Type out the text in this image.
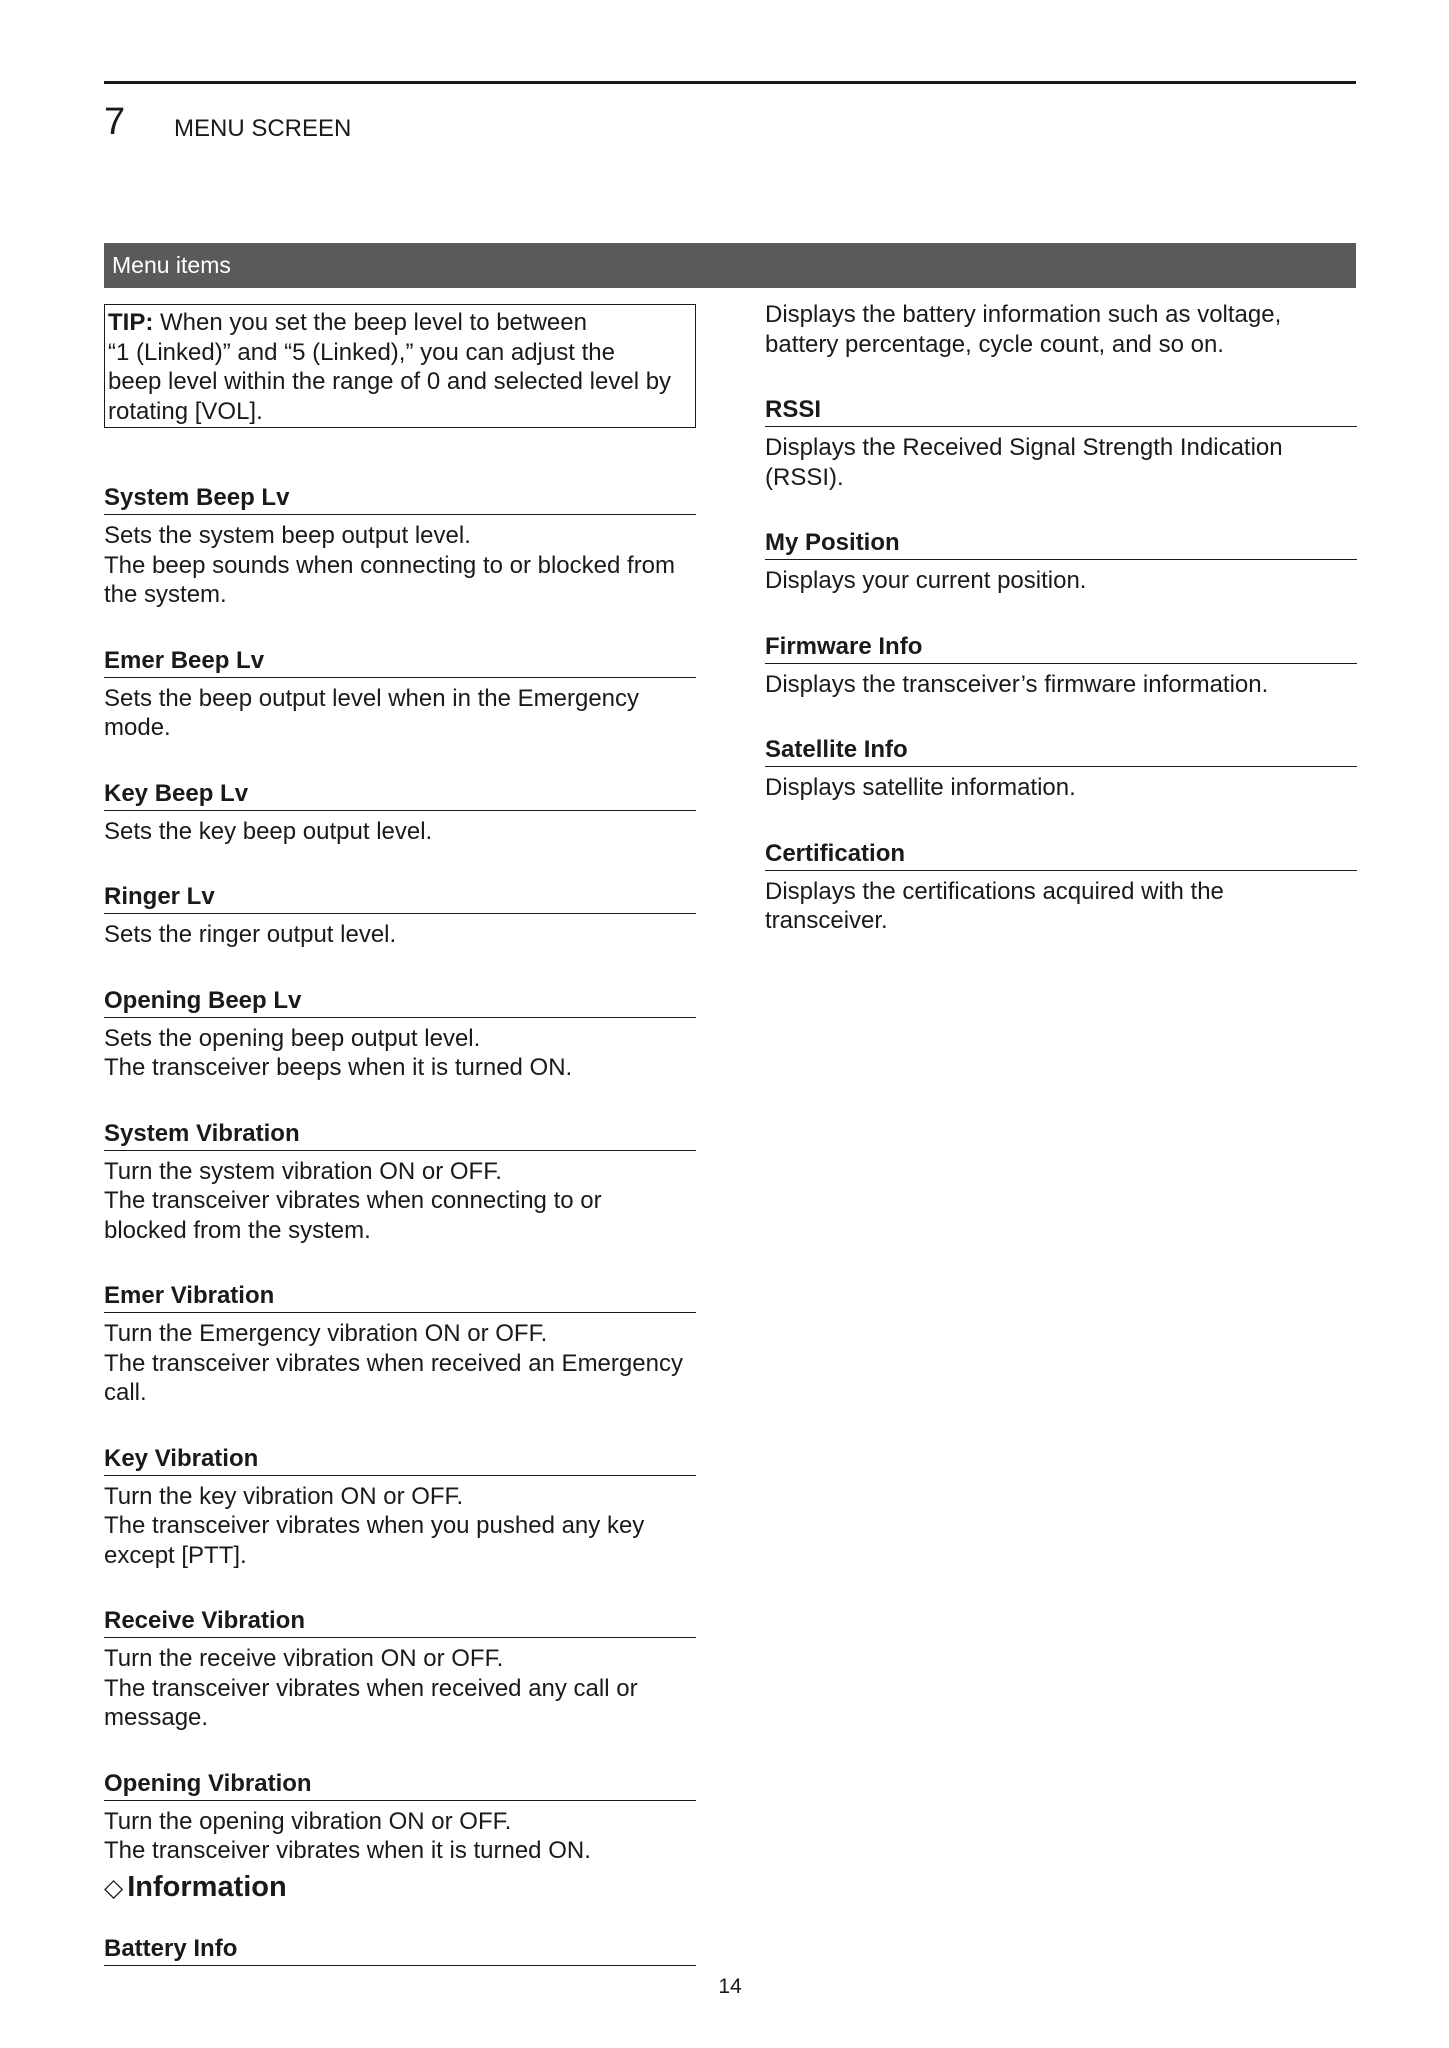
7 MENU SCREEN
Menu items
TIP: When you set the beep level to between
“1 (Linked)” and “5 (Linked),” you can adjust the
beep level within the range of 0 and selected level by
rotating [VOL].
System Beep Lv
Sets the system beep output level.
The beep sounds when connecting to or blocked from
the system.
Emer Beep Lv
Sets the beep output level when in the Emergency
mode.
Key Beep Lv
Sets the key beep output level.
Ringer Lv
Sets the ringer output level.
Opening Beep Lv
Sets the opening beep output level.
The transceiver beeps when it is turned ON.
System Vibration
Turn the system vibration ON or OFF.
The transceiver vibrates when connecting to or
blocked from the system.
Emer Vibration
Turn the Emergency vibration ON or OFF.
The transceiver vibrates when received an Emergency
call.
Key Vibration
Turn the key vibration ON or OFF.
The transceiver vibrates when you pushed any key
except [PTT].
Receive Vibration
Turn the receive vibration ON or OFF.
The transceiver vibrates when received any call or
message.
Opening Vibration
Turn the opening vibration ON or OFF.
The transceiver vibrates when it is turned ON.
◇ Information
Battery Info
Displays the battery information such as voltage,
battery percentage, cycle count, and so on.
RSSI
Displays the Received Signal Strength Indication
(RSSI).
My Position
Displays your current position.
Firmware Info
Displays the transceiver’s firmware information.
Satellite Info
Displays satellite information.
Certification
Displays the certifications acquired with the
transceiver.
14
